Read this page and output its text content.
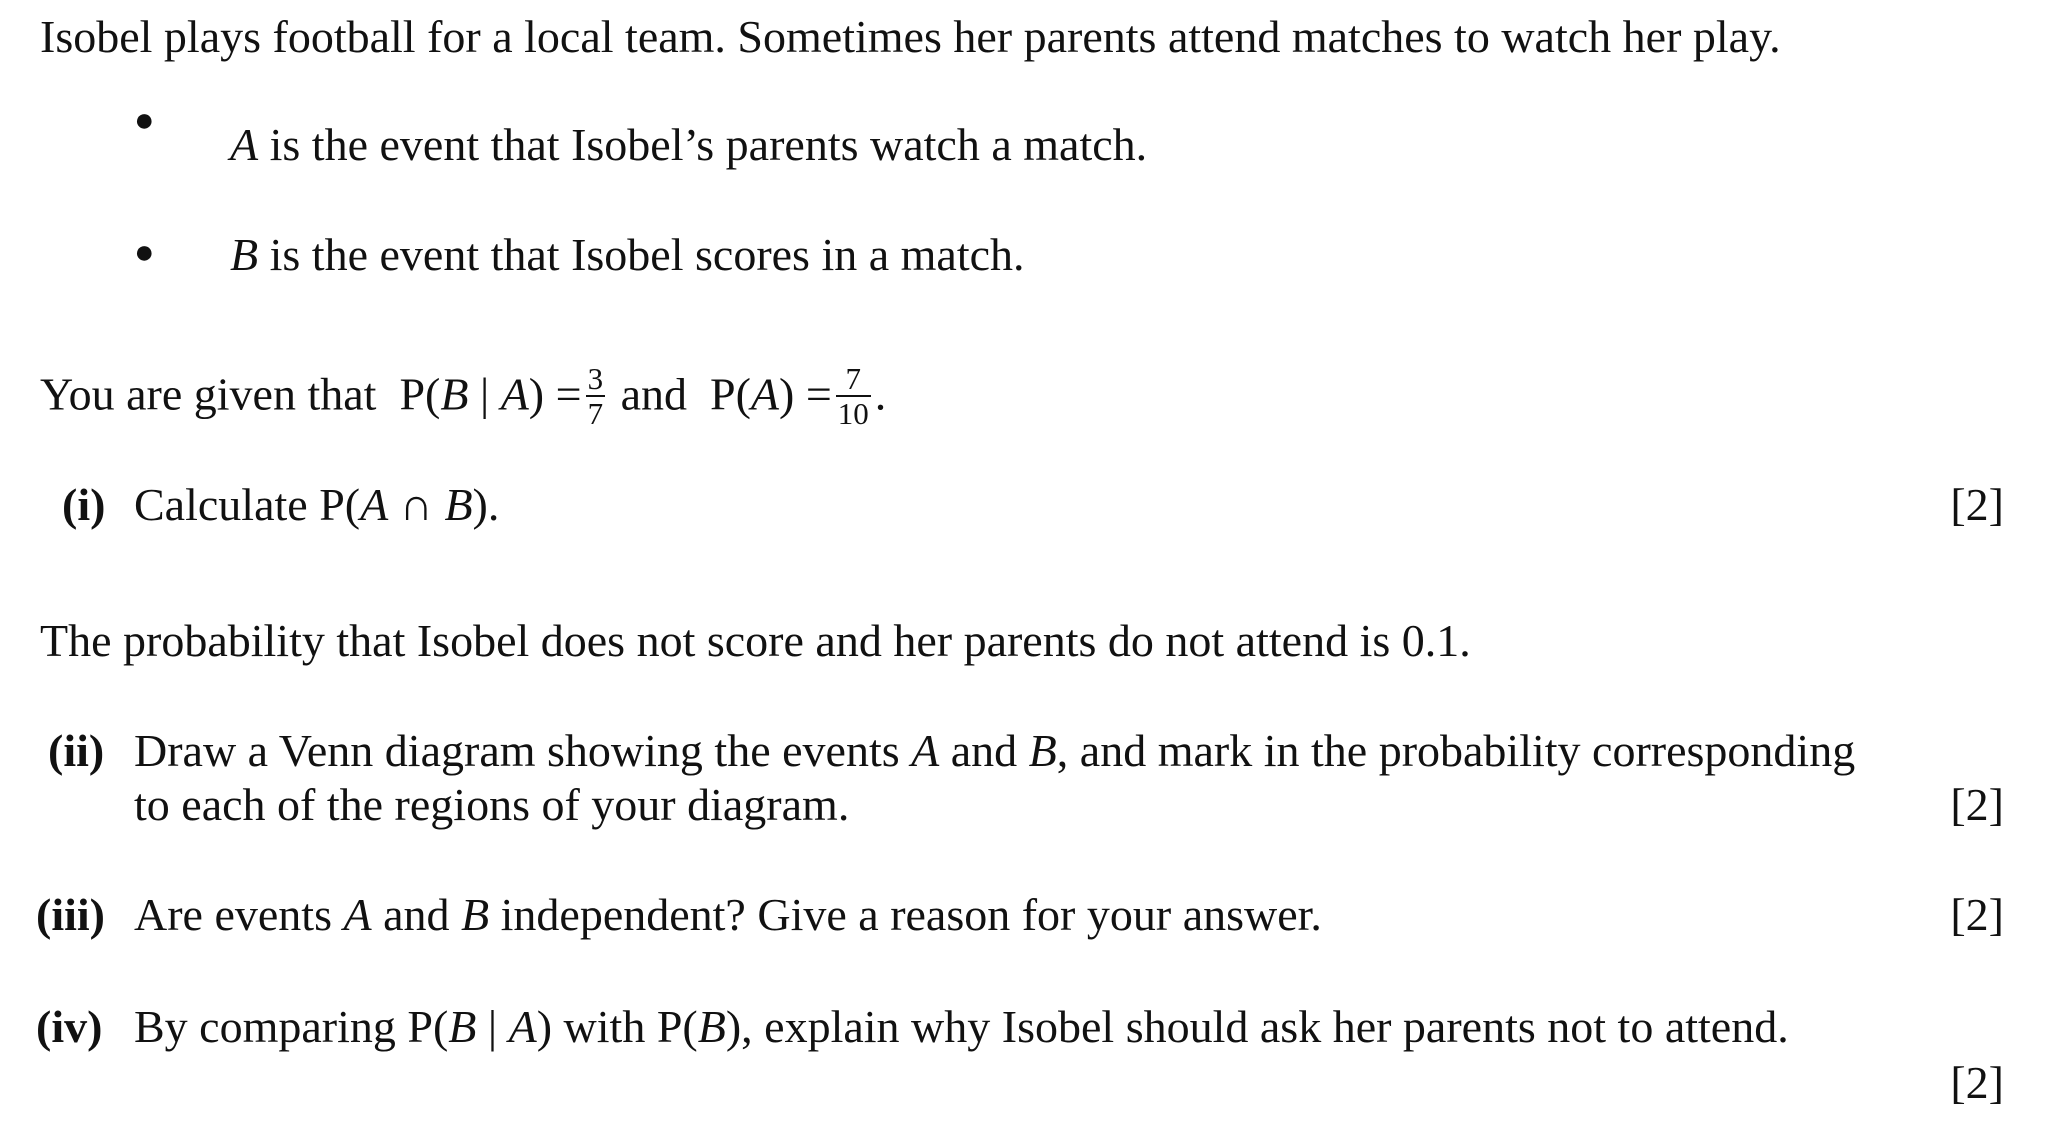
Isobel plays football for a local team. Sometimes her parents attend matches to watch her play.
● A is the event that Isobel’s parents watch a match.
● B is the event that Isobel scores in a match.
You are given that P(B | $A) = \frac{3}{7}$ and $P(A) = \frac{7}{10}$ .
(i) Calculate P(A ∩ B).	[2]
The probability that Isobel does not score and her parents do not attend is 0.1.
(ii) Draw a Venn diagram showing the events A and B, and mark in the probability corresponding
to each of the regions of your diagram.	[2]
(iii) Are events A and B independent? Give a reason for your answer.	[2]
(iv) By comparing P(B | A) with P(B), explain why Isobel should ask her parents not to attend.
[2]
